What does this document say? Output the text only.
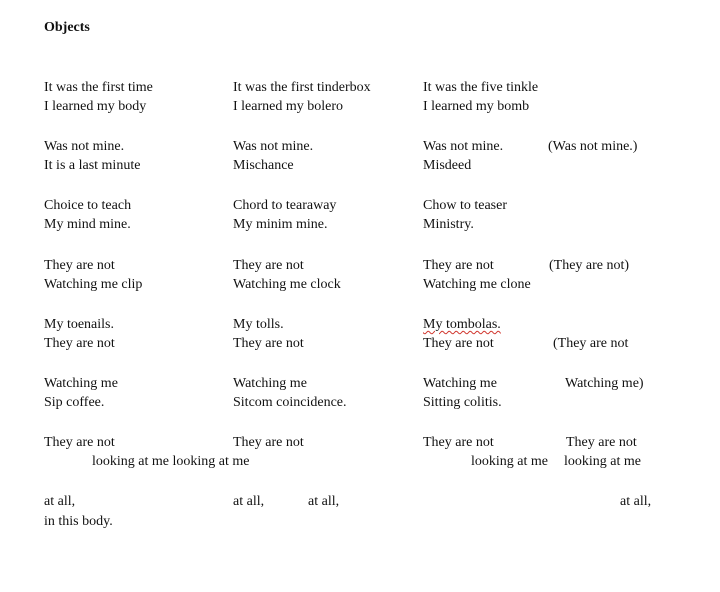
Objects
It was the first time
I learned my body
Was not mine.
It is a last minute
Choice to teach
My mind mine.
They are not
Watching me clip
My toenails.
They are not
Watching me
Sip coffee.
They are not
at all,
in this body.
It was the first tinderbox
I learned my bolero
Was not mine.
Mischance
Chord to tearaway
My minim mine.
They are not
Watching me clock
My tolls.
They are not
Watching me
Sitcom coincidence.
They are not
at all,	at all,
looking at me looking at me
It was the five tinkle
I learned my bomb
Was not mine.
Misdeed
Chow to teaser
Ministry.
They are not
Watching me clone
My tombolas.
They are not
Watching me
Sitting colitis.
They are not
(Was not mine.)
(They are not)
(They are not
Watching me)
They are not
at all,
looking at me looking at me
